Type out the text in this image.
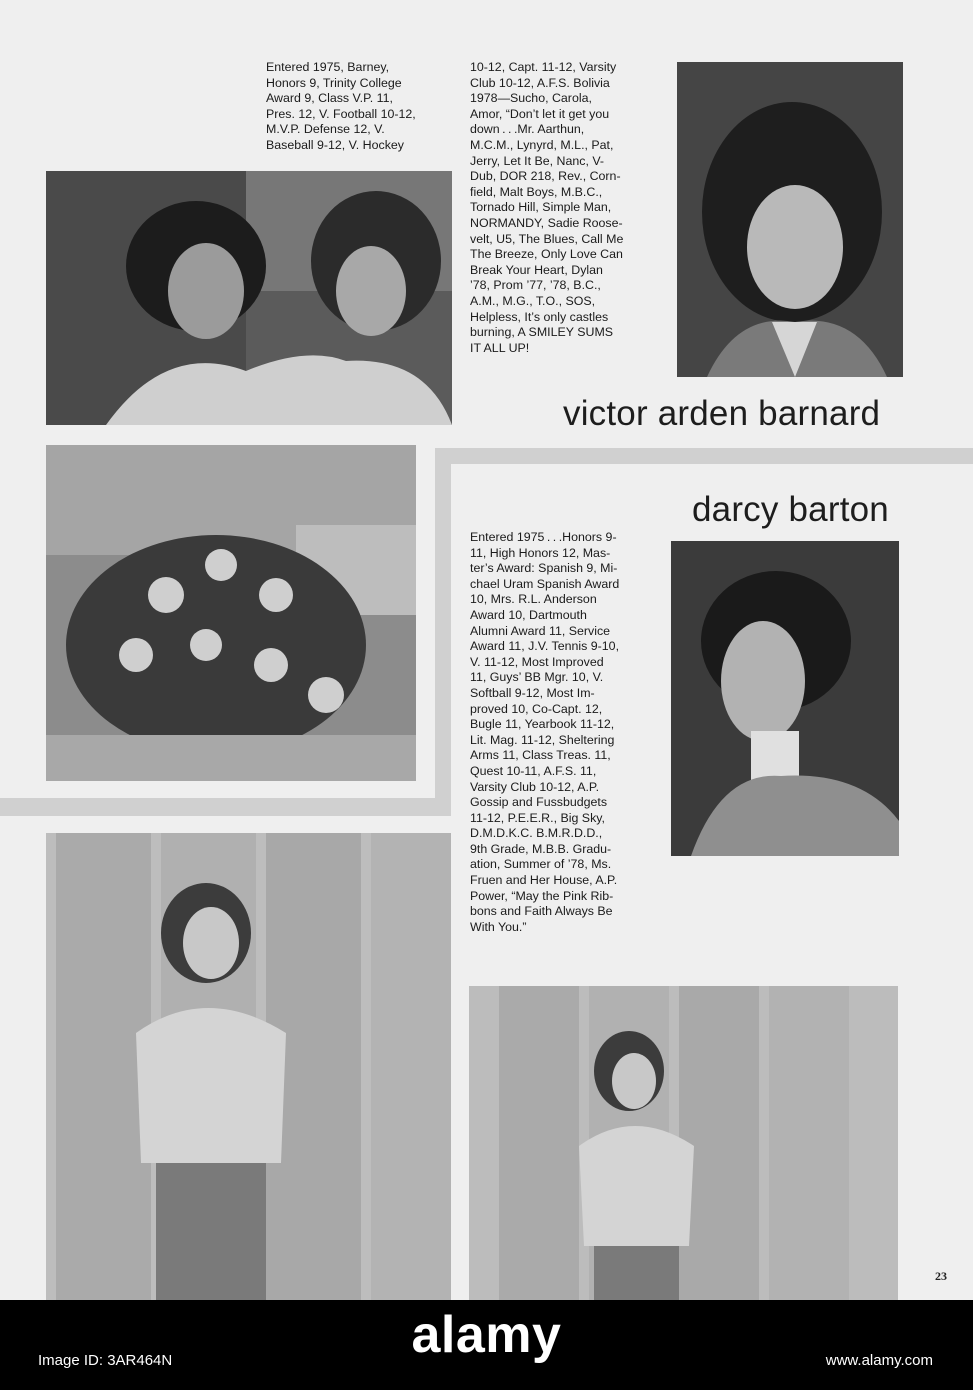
Entered 1975, Barney,
Honors 9, Trinity College
Award 9, Class V.P. 11,
Pres. 12, V. Football 10-12,
M.V.P. Defense 12, V.
Baseball 9-12, V. Hockey

10-12, Capt. 11-12, Varsity
Club 10-12, A.F.S. Bolivia
1978—Sucho, Carola,
Amor, “Don’t let it get you
down . . .Mr. Aarthun,
M.C.M., Lynyrd, M.L., Pat,
Jerry, Let It Be, Nanc, V-
Dub, DOR 218, Rev., Corn-
field, Malt Boys, M.B.C.,
Tornado Hill, Simple Man,
NORMANDY, Sadie Roose-
velt, U5, The Blues, Call Me
The Breeze, Only Love Can
Break Your Heart, Dylan
’78, Prom ’77, ’78, B.C.,
A.M., M.G., T.O., SOS,
Helpless, It’s only castles
burning, A SMILEY SUMS
IT ALL UP!

victor arden barnard
darcy barton

Entered 1975 . . .Honors 9-
11, High Honors 12, Mas-
ter’s Award: Spanish 9, Mi-
chael Uram Spanish Award
10, Mrs. R.L. Anderson
Award 10, Dartmouth
Alumni Award 11, Service
Award 11, J.V. Tennis 9-10,
V. 11-12, Most Improved
11, Guys’ BB Mgr. 10, V.
Softball 9-12, Most Im-
proved 10, Co-Capt. 12,
Bugle 11, Yearbook 11-12,
Lit. Mag. 11-12, Sheltering
Arms 11, Class Treas. 11,
Quest 10-11, A.F.S. 11,
Varsity Club 10-12, A.P.
Gossip and Fussbudgets
11-12, P.E.E.R., Big Sky,
D.M.D.K.C. B.M.R.D.D.,
9th Grade, M.B.B. Gradu-
ation, Summer of ’78, Ms.
Fruen and Her House, A.P.
Power, “May the Pink Rib-
bons and Faith Always Be
With You.”

23
alamy
Image ID: 3AR464N	www.alamy.com
